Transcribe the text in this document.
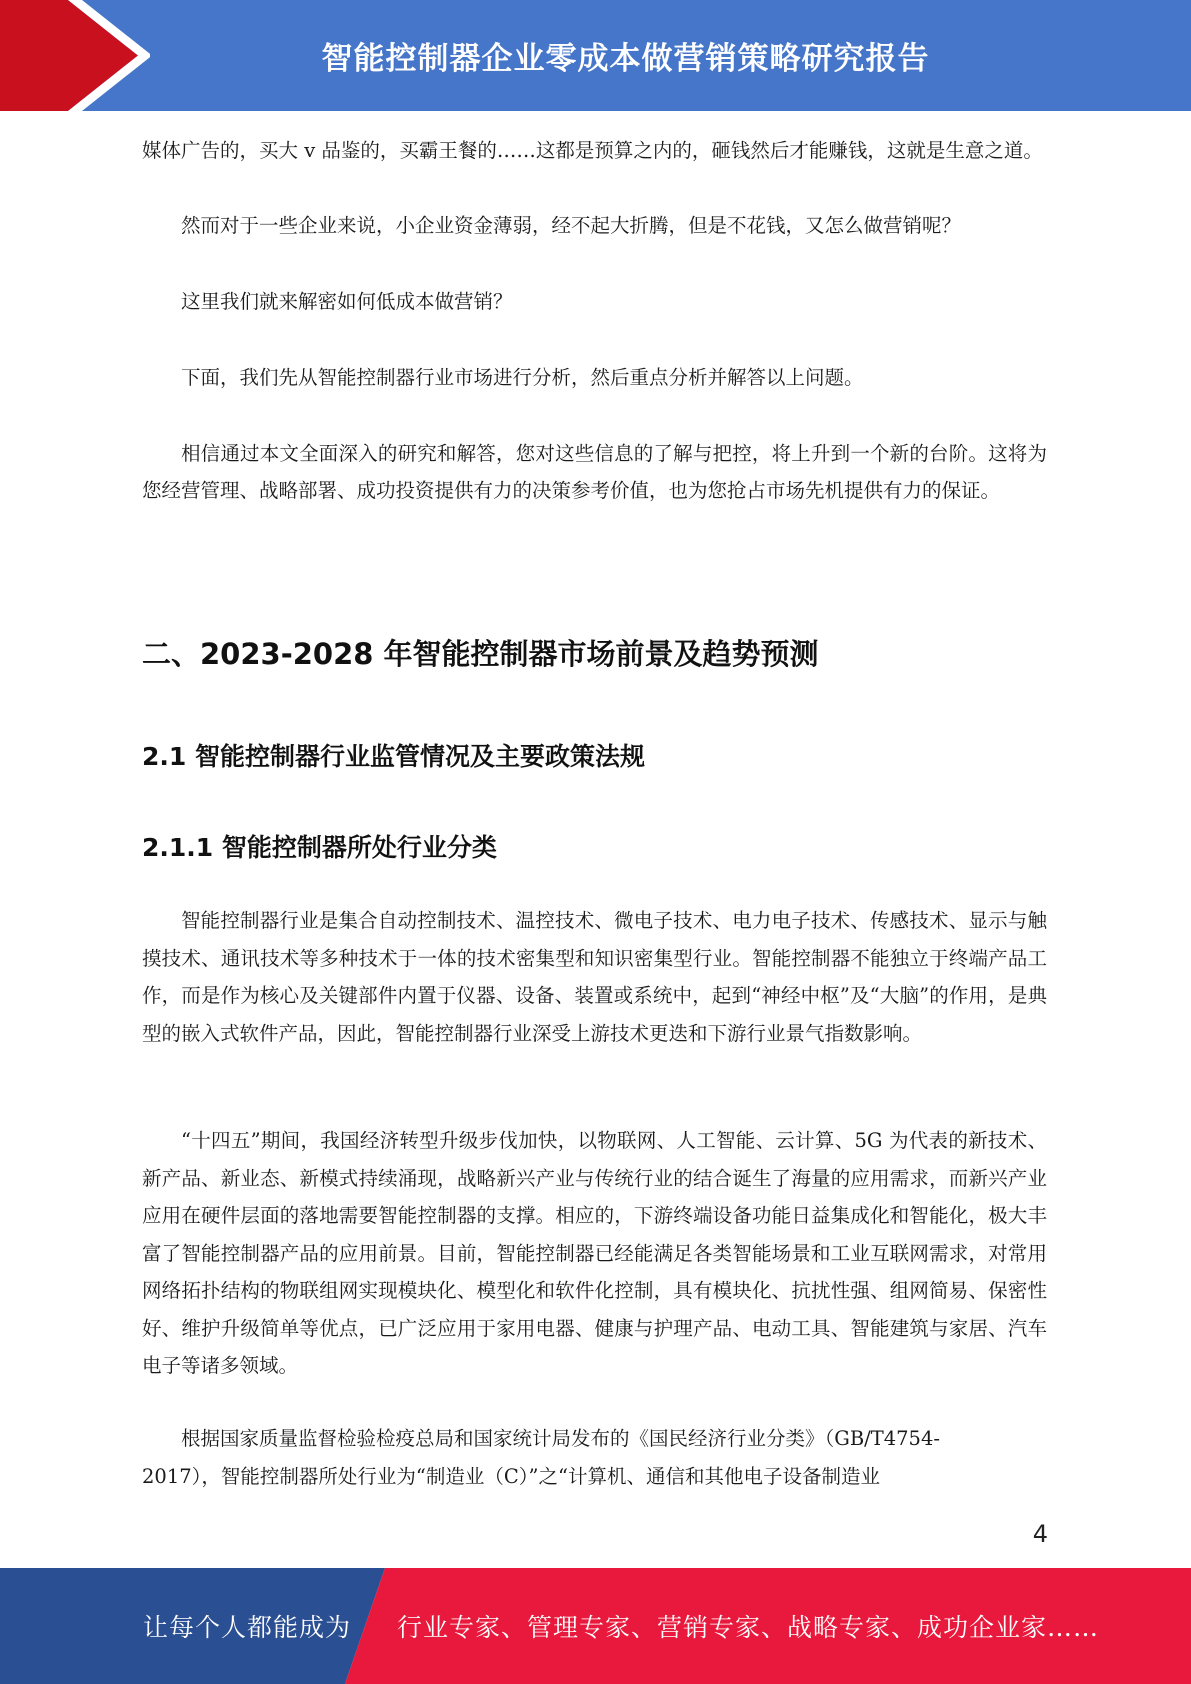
智能控制器企业零成本做营销策略研究报告

媒体广告的，买大 v 品鉴的，买霸王餐的……这都是预算之内的，砸钱然后才能赚钱，这就是生意之道。

然而对于一些企业来说，小企业资金薄弱，经不起大折腾，但是不花钱，又怎么做营销呢？

这里我们就来解密如何低成本做营销？

下面，我们先从智能控制器行业市场进行分析，然后重点分析并解答以上问题。

相信通过本文全面深入的研究和解答，您对这些信息的了解与把控，将上升到一个新的台阶。这将为您经营管理、战略部署、成功投资提供有力的决策参考价值，也为您抢占市场先机提供有力的保证。

二、2023-2028 年智能控制器市场前景及趋势预测
2.1 智能控制器行业监管情况及主要政策法规
2.1.1 智能控制器所处行业分类
智能控制器行业是集合自动控制技术、温控技术、微电子技术、电力电子技术、传感技术、显示与触摸技术、通讯技术等多种技术于一体的技术密集型和知识密集型行业。智能控制器不能独立于终端产品工作，而是作为核心及关键部件内置于仪器、设备、装置或系统中，起到“神经中枢”及“大脑”的作用，是典型的嵌入式软件产品，因此，智能控制器行业深受上游技术更迭和下游行业景气指数影响。
“十四五”期间，我国经济转型升级步伐加快，以物联网、人工智能、云计算、5G 为代表的新技术、新产品、新业态、新模式持续涌现，战略新兴产业与传统行业的结合诞生了海量的应用需求，而新兴产业应用在硬件层面的落地需要智能控制器的支撑。相应的，下游终端设备功能日益集成化和智能化，极大丰富了智能控制器产品的应用前景。目前，智能控制器已经能满足各类智能场景和工业互联网需求，对常用网络拓扑结构的物联组网实现模块化、模型化和软件化控制，具有模块化、抗扰性强、组网简易、保密性好、维护升级简单等优点，已广泛应用于家用电器、健康与护理产品、电动工具、智能建筑与家居、汽车电子等诸多领域。
根据国家质量监督检验检疫总局和国家统计局发布的《国民经济行业分类》（GB/T4754-
2017），智能控制器所处行业为“制造业（C）”之“计算机、通信和其他电子设备制造业
4
让每个人都能成为 行业专家、管理专家、营销专家、战略专家、成功企业家……
